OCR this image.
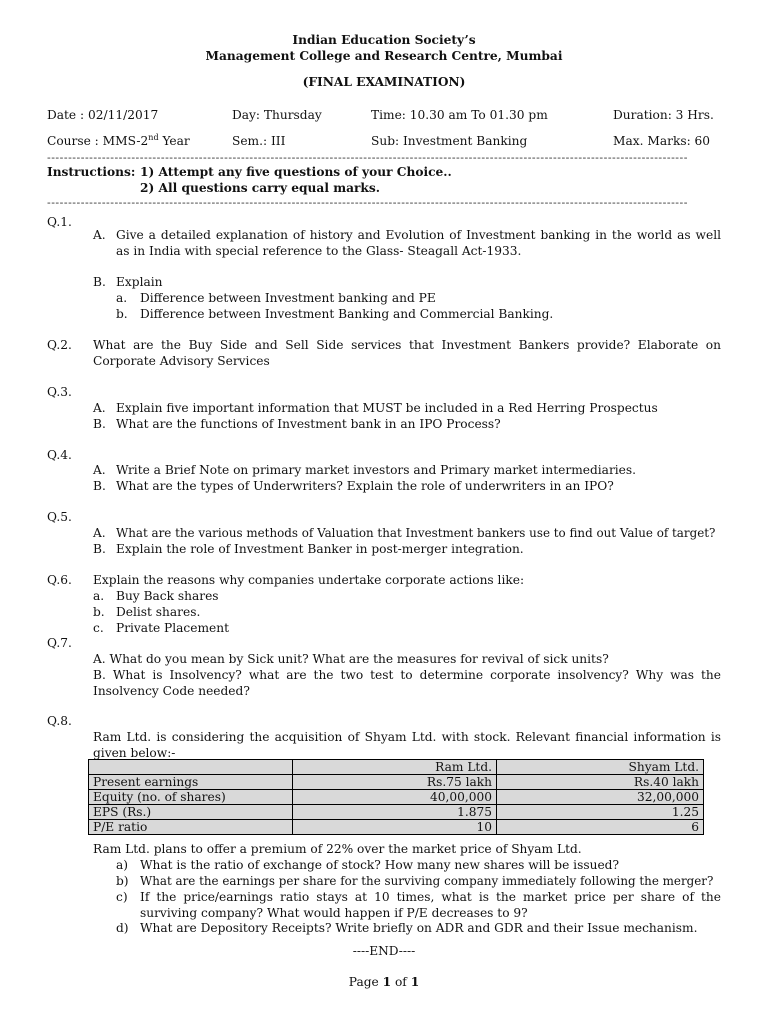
Indian Education Society’s
Management College and Research Centre, Mumbai
(FINAL EXAMINATION)
Date : 02/11/2017	Day: Thursday	Time: 10.30 am To 01.30 pm	Duration: 3 Hrs.
Course : MMS-2nd Year	Sem.: III	Sub: Investment Banking	Max. Marks: 60
--------------------------------------------------------------------------------------------------------------------------------------------------------
Instructions: 1) Attempt any five questions of your Choice..
2) All questions carry equal marks.
--------------------------------------------------------------------------------------------------------------------------------------------------------
Q.1.
A. Give a detailed explanation of history and Evolution of Investment banking in the world as well as in India with special reference to the Glass- Steagall Act-1933.
B. Explain
a. Difference between Investment banking and PE
b. Difference between Investment Banking and Commercial Banking.
Q.2. What are the Buy Side and Sell Side services that Investment Bankers provide? Elaborate on Corporate Advisory Services
Q.3.
A. Explain five important information that MUST be included in a Red Herring Prospectus
B. What are the functions of Investment bank in an IPO Process?
Q.4.
A. Write a Brief Note on primary market investors and Primary market intermediaries.
B. What are the types of Underwriters? Explain the role of underwriters in an IPO?
Q.5.
A. What are the various methods of Valuation that Investment bankers use to find out Value of target?
B. Explain the role of Investment Banker in post-merger integration.
Q.6. Explain the reasons why companies undertake corporate actions like:
a. Buy Back shares
b. Delist shares.
c. Private Placement
Q.7.
A. What do you mean by Sick unit? What are the measures for revival of sick units?
B. What is Insolvency? what are the two test to determine corporate insolvency? Why was the Insolvency Code needed?
Q.8.
Ram Ltd. is considering the acquisition of Shyam Ltd. with stock. Relevant financial information is given below:-
	Ram Ltd.	Shyam Ltd.
Present earnings	Rs.75 lakh	Rs.40 lakh
Equity (no. of shares)	40,00,000	32,00,000
EPS (Rs.)	1.875	1.25
P/E ratio	10	6
Ram Ltd. plans to offer a premium of 22% over the market price of Shyam Ltd.
a) What is the ratio of exchange of stock? How many new shares will be issued?
b) What are the earnings per share for the surviving company immediately following the merger?
c) If the price/earnings ratio stays at 10 times, what is the market price per share of the surviving company? What would happen if P/E decreases to 9?
d) What are Depository Receipts? Write briefly on ADR and GDR and their Issue mechanism.
----END----
Page 1 of 1
